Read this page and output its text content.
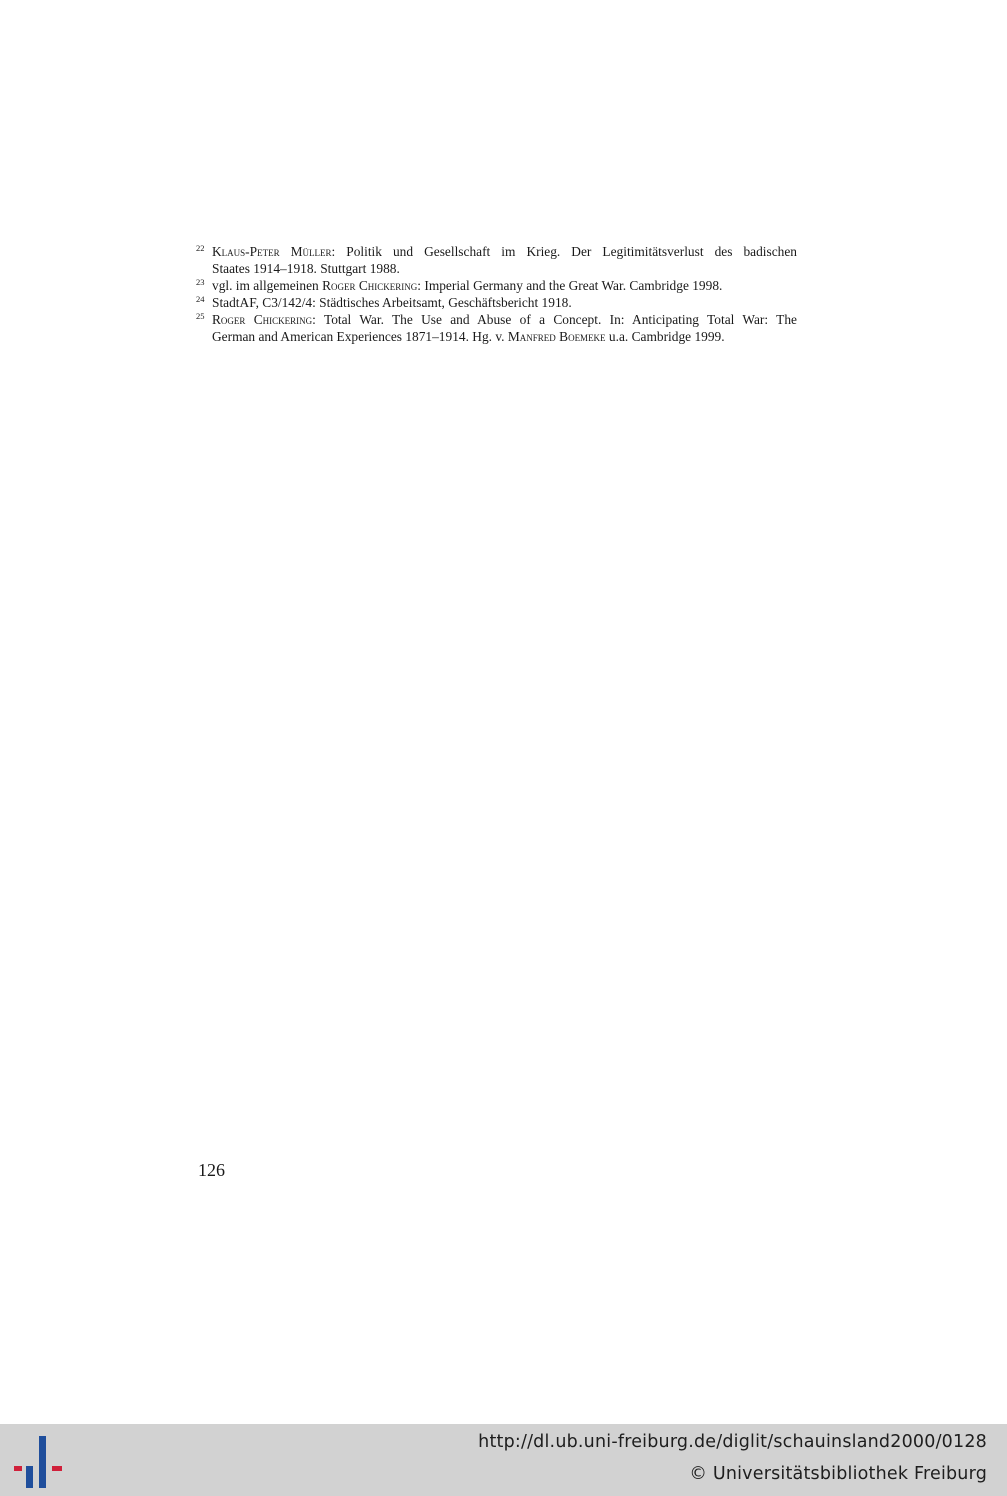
22 Klaus-Peter Müller: Politik und Gesellschaft im Krieg. Der Legitimitätsverlust des badischen
Staates 1914–1918. Stuttgart 1988.
23 vgl. im allgemeinen Roger Chickering: Imperial Germany and the Great War. Cambridge 1998.
24 StadtAF, C3/142/4: Städtisches Arbeitsamt, Geschäftsbericht 1918.
25 Roger Chickering: Total War. The Use and Abuse of a Concept. In: Anticipating Total War: The
German and American Experiences 1871–1914. Hg. v. Manfred Boemeke u.a. Cambridge 1999.
126
http://dl.ub.uni-freiburg.de/diglit/schauinsland2000/0128
© Universitätsbibliothek Freiburg
